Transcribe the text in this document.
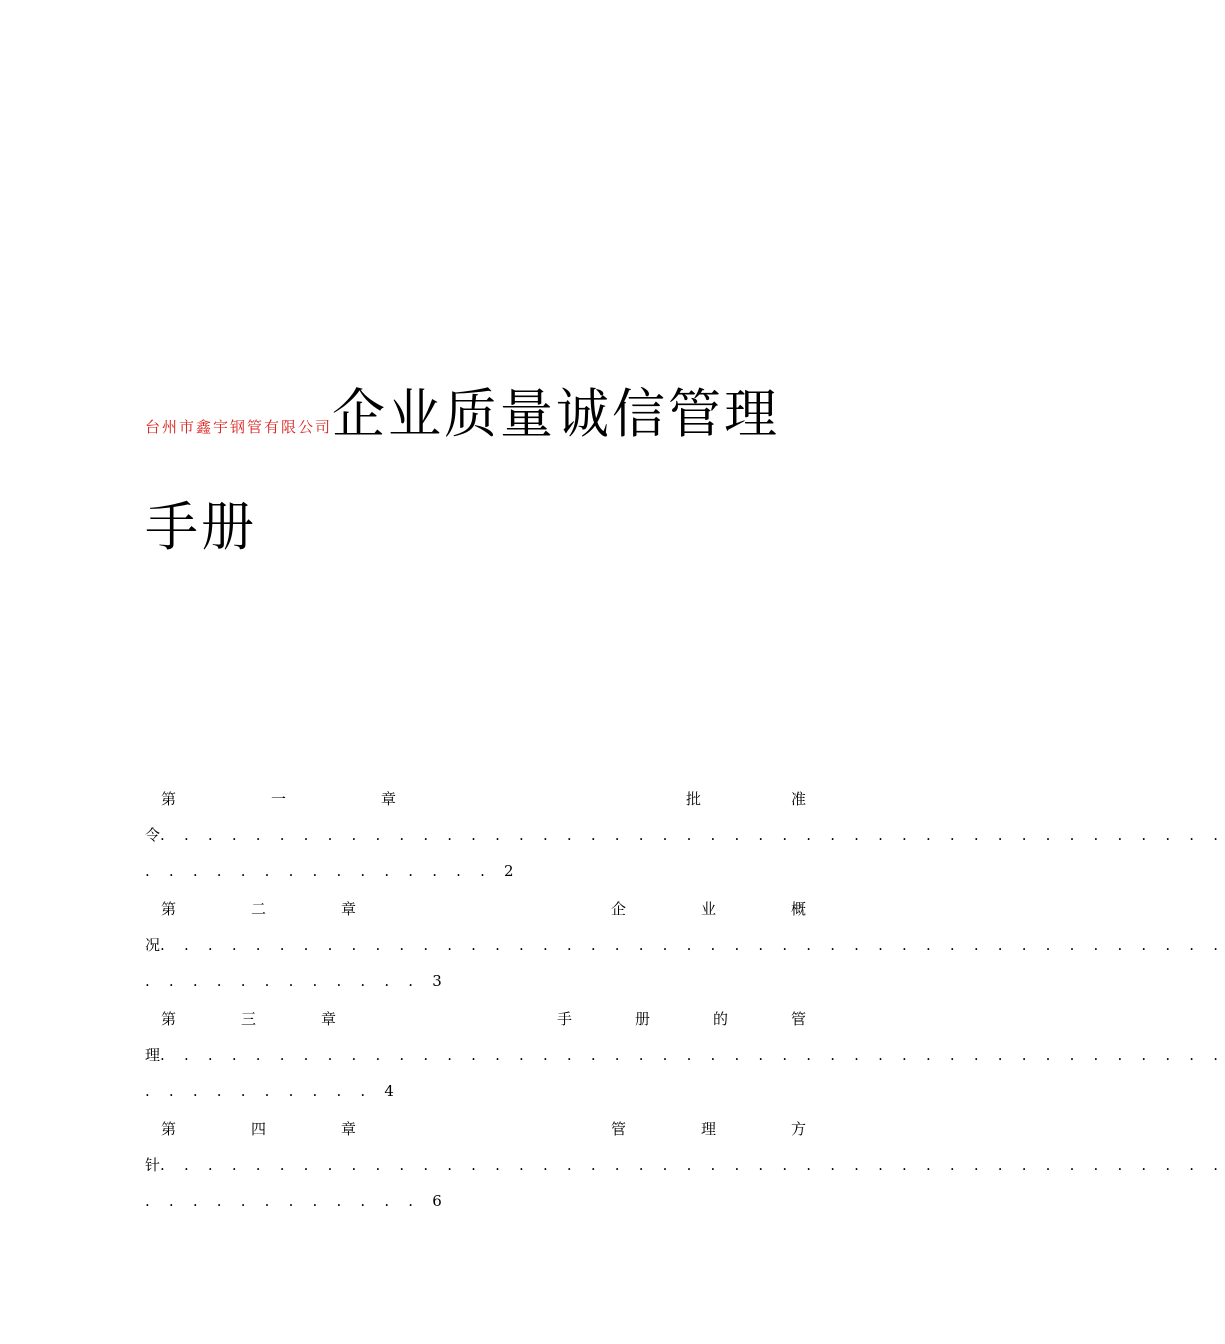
台州市鑫宇钢管有限公司企业质量诚信管理
手册
第	一	章	批	准
令. . . . . . . . . . . . . . . . . . . . . . . . . . . . . . . . . . . . . . . . . . . . .
. . . . . . . . . . . . . . . 2
第	二	章	企	业	概
况. . . . . . . . . . . . . . . . . . . . . . . . . . . . . . . . . . . . . . . . . . . . .
. . . . . . . . . . . . 3
第	三	章	手	册	的	管
理. . . . . . . . . . . . . . . . . . . . . . . . . . . . . . . . . . . . . . . . . . . . .
. . . . . . . . . . 4
第	四	章	管	理	方
针. . . . . . . . . . . . . . . . . . . . . . . . . . . . . . . . . . . . . . . . . . . . .
. . . . . . . . . . . . 6
